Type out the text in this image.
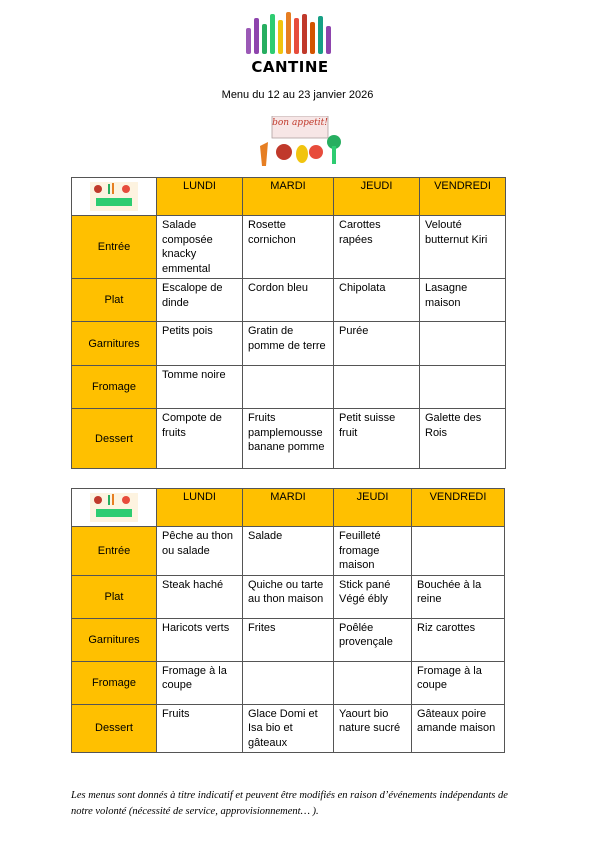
CANTINE
Menu du 12 au 23 janvier 2026
bon appetit!
	LUNDI	MARDI	JEUDI	VENDREDI
Entrée	Salade composée knacky emmental	Rosette cornichon	Carottes rapées	Velouté butternut Kiri
Plat	Escalope de dinde	Cordon bleu	Chipolata	Lasagne maison
Garnitures	Petits pois	Gratin de pomme de terre	Purée	
Fromage	Tomme noire			
Dessert	Compote de fruits	Fruits pamplemousse banane pomme	Petit suisse fruit	Galette des Rois
	LUNDI	MARDI	JEUDI	VENDREDI
Entrée	Pêche au thon ou salade	Salade	Feuilleté fromage maison	
Plat	Steak haché	Quiche ou tarte au thon maison	Stick pané Végé ébly	Bouchée à la reine
Garnitures	Haricots verts	Frites	Poêlée provençale	Riz carottes
Fromage	Fromage à la coupe			Fromage à la coupe
Dessert	Fruits	Glace Domi et Isa bio et gâteaux	Yaourt bio nature sucré	Gâteaux poire amande maison
Les menus sont donnés à titre indicatif et peuvent être modifiés en raison d’événements indépendants de notre volonté (nécessité de service, approvisionnement… ).
